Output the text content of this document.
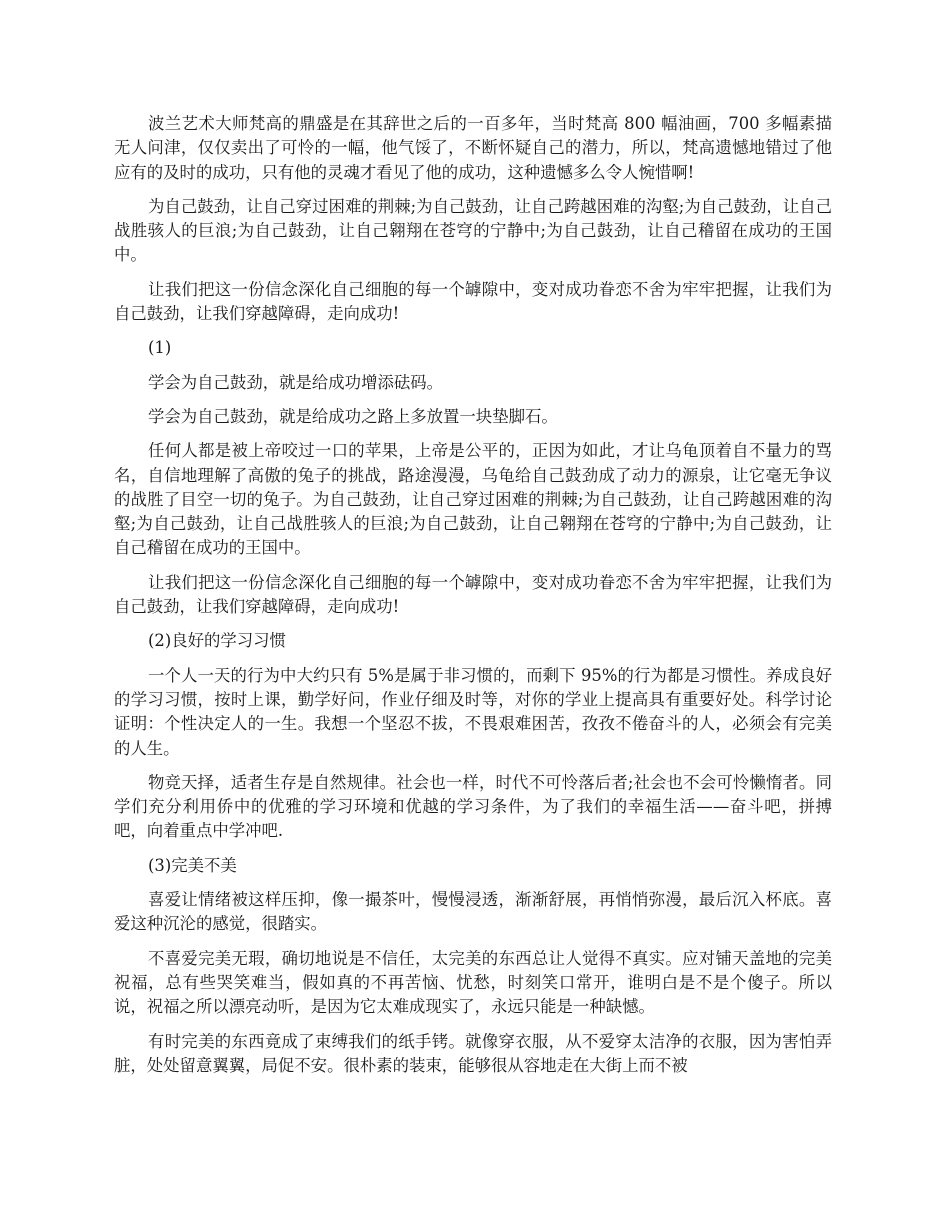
波兰艺术大师梵高的鼎盛是在其辞世之后的一百多年，当时梵高 800 幅油画，700 多幅素描无人问津，仅仅卖出了可怜的一幅，他气馁了，不断怀疑自己的潜力，所以，梵高遗憾地错过了他应有的及时的成功，只有他的灵魂才看见了他的成功，这种遗憾多么令人惋惜啊!

为自己鼓劲，让自己穿过困难的荆棘;为自己鼓劲，让自己跨越困难的沟壑;为自己鼓劲，让自己战胜骇人的巨浪;为自己鼓劲，让自己翱翔在苍穹的宁静中;为自己鼓劲，让自己稽留在成功的王国中。

让我们把这一份信念深化自己细胞的每一个罅隙中，变对成功眷恋不舍为牢牢把握，让我们为自己鼓劲，让我们穿越障碍，走向成功!

(1)

学会为自己鼓劲，就是给成功增添砝码。

学会为自己鼓劲，就是给成功之路上多放置一块垫脚石。

任何人都是被上帝咬过一口的苹果，上帝是公平的，正因为如此，才让乌龟顶着自不量力的骂名，自信地理解了高傲的兔子的挑战，路途漫漫，乌龟给自己鼓劲成了动力的源泉，让它毫无争议的战胜了目空一切的兔子。为自己鼓劲，让自己穿过困难的荆棘;为自己鼓劲，让自己跨越困难的沟壑;为自己鼓劲，让自己战胜骇人的巨浪;为自己鼓劲，让自己翱翔在苍穹的宁静中;为自己鼓劲，让自己稽留在成功的王国中。

让我们把这一份信念深化自己细胞的每一个罅隙中，变对成功眷恋不舍为牢牢把握，让我们为自己鼓劲，让我们穿越障碍，走向成功!

(2)良好的学习习惯

一个人一天的行为中大约只有 5%是属于非习惯的，而剩下 95%的行为都是习惯性。养成良好的学习习惯，按时上课，勤学好问，作业仔细及时等，对你的学业上提高具有重要好处。科学讨论证明：个性决定人的一生。我想一个坚忍不拔，不畏艰难困苦，孜孜不倦奋斗的人，必须会有完美的人生。

物竞天择，适者生存是自然规律。社会也一样，时代不可怜落后者;社会也不会可怜懒惰者。同学们充分利用侨中的优雅的学习环境和优越的学习条件，为了我们的幸福生活——奋斗吧，拼搏吧，向着重点中学冲吧.

(3)完美不美

喜爱让情绪被这样压抑，像一撮茶叶，慢慢浸透，渐渐舒展，再悄悄弥漫，最后沉入杯底。喜爱这种沉沦的感觉，很踏实。

不喜爱完美无瑕，确切地说是不信任，太完美的东西总让人觉得不真实。应对铺天盖地的完美祝福，总有些哭笑难当，假如真的不再苦恼、忧愁，时刻笑口常开，谁明白是不是个傻子。所以说，祝福之所以漂亮动听，是因为它太难成现实了，永远只能是一种缺憾。

有时完美的东西竟成了束缚我们的纸手铐。就像穿衣服，从不爱穿太洁净的衣服，因为害怕弄脏，处处留意翼翼，局促不安。很朴素的装束，能够很从容地走在大街上而不被
